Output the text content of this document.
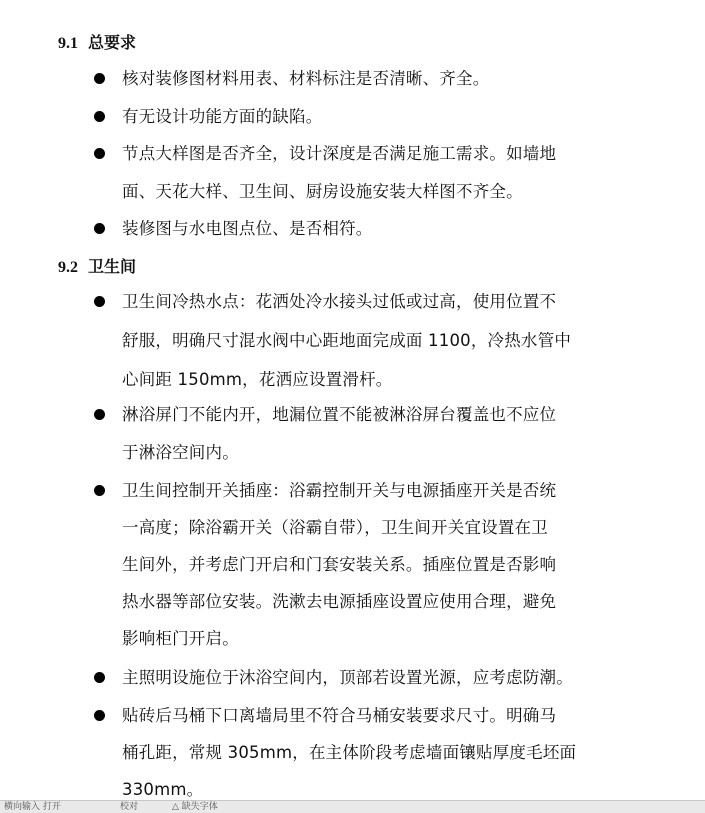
9.1 总要求
核对装修图材料用表、材料标注是否清晰、齐全。
有无设计功能方面的缺陷。
节点大样图是否齐全，设计深度是否满足施工需求。如墙地
面、天花大样、卫生间、厨房设施安装大样图不齐全。
装修图与水电图点位、是否相符。
9.2 卫生间
卫生间冷热水点：花洒处冷水接头过低或过高，使用位置不
舒服，明确尺寸混水阀中心距地面完成面 1100，冷热水管中
心间距 150mm，花洒应设置滑杆。
淋浴屏门不能内开，地漏位置不能被淋浴屏台覆盖也不应位
于淋浴空间内。
卫生间控制开关插座：浴霸控制开关与电源插座开关是否统
一高度；除浴霸开关（浴霸自带），卫生间开关宜设置在卫
生间外，并考虑门开启和门套安装关系。插座位置是否影响
热水器等部位安装。洗漱去电源插座设置应使用合理，避免
影响柜门开启。
主照明设施位于沐浴空间内，顶部若设置光源，应考虑防潮。
贴砖后马桶下口离墙局里不符合马桶安装要求尺寸。明确马
桶孔距，常规 305mm，在主体阶段考虑墙面镶贴厚度毛坯面
330mm。
横向输入 打开	校对	△ 缺失字体
